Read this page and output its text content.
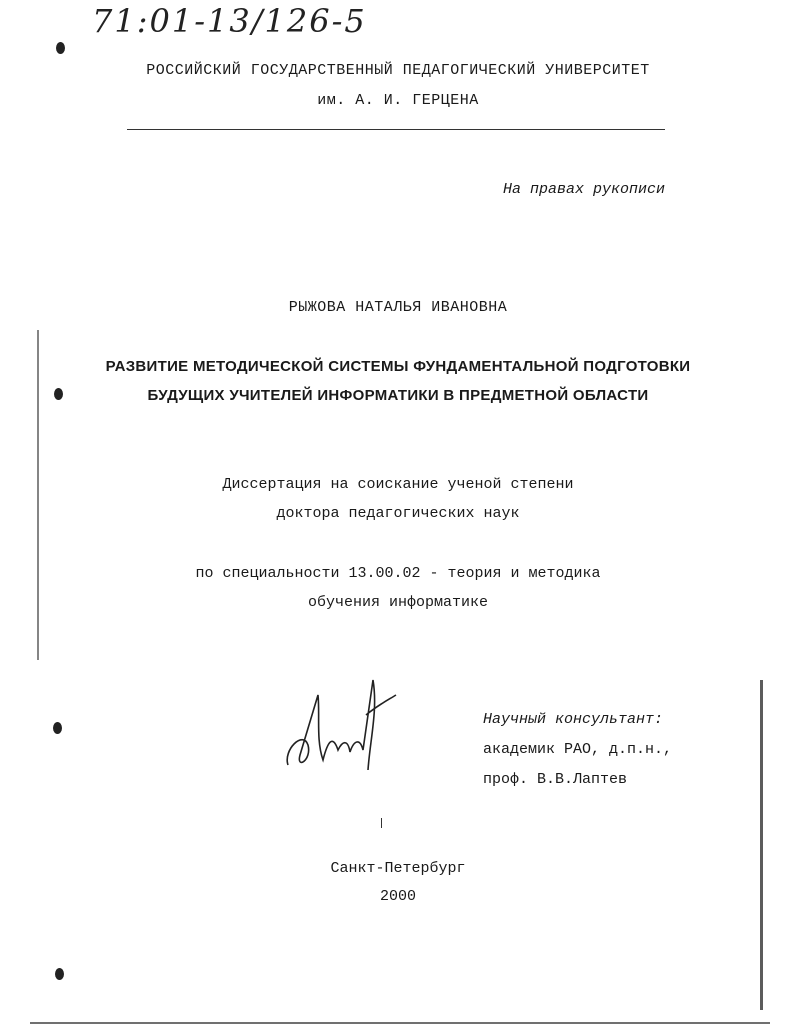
71:01-13/126-5
РОССИЙСКИЙ ГОСУДАРСТВЕННЫЙ ПЕДАГОГИЧЕСКИЙ УНИВЕРСИТЕТ
им. А. И. ГЕРЦЕНА
На правах рукописи
РЫЖОВА НАТАЛЬЯ ИВАНОВНА
РАЗВИТИЕ МЕТОДИЧЕСКОЙ СИСТЕМЫ ФУНДАМЕНТАЛЬНОЙ ПОДГОТОВКИ
БУДУЩИХ УЧИТЕЛЕЙ ИНФОРМАТИКИ В ПРЕДМЕТНОЙ ОБЛАСТИ
Диссертация на соискание ученой степени
доктора педагогических наук
по специальности 13.00.02 - теория и методика
обучения информатике
Научный консультант:
академик РАО, д.п.н.,
проф. В.В.Лаптев
Санкт-Петербург
2000
